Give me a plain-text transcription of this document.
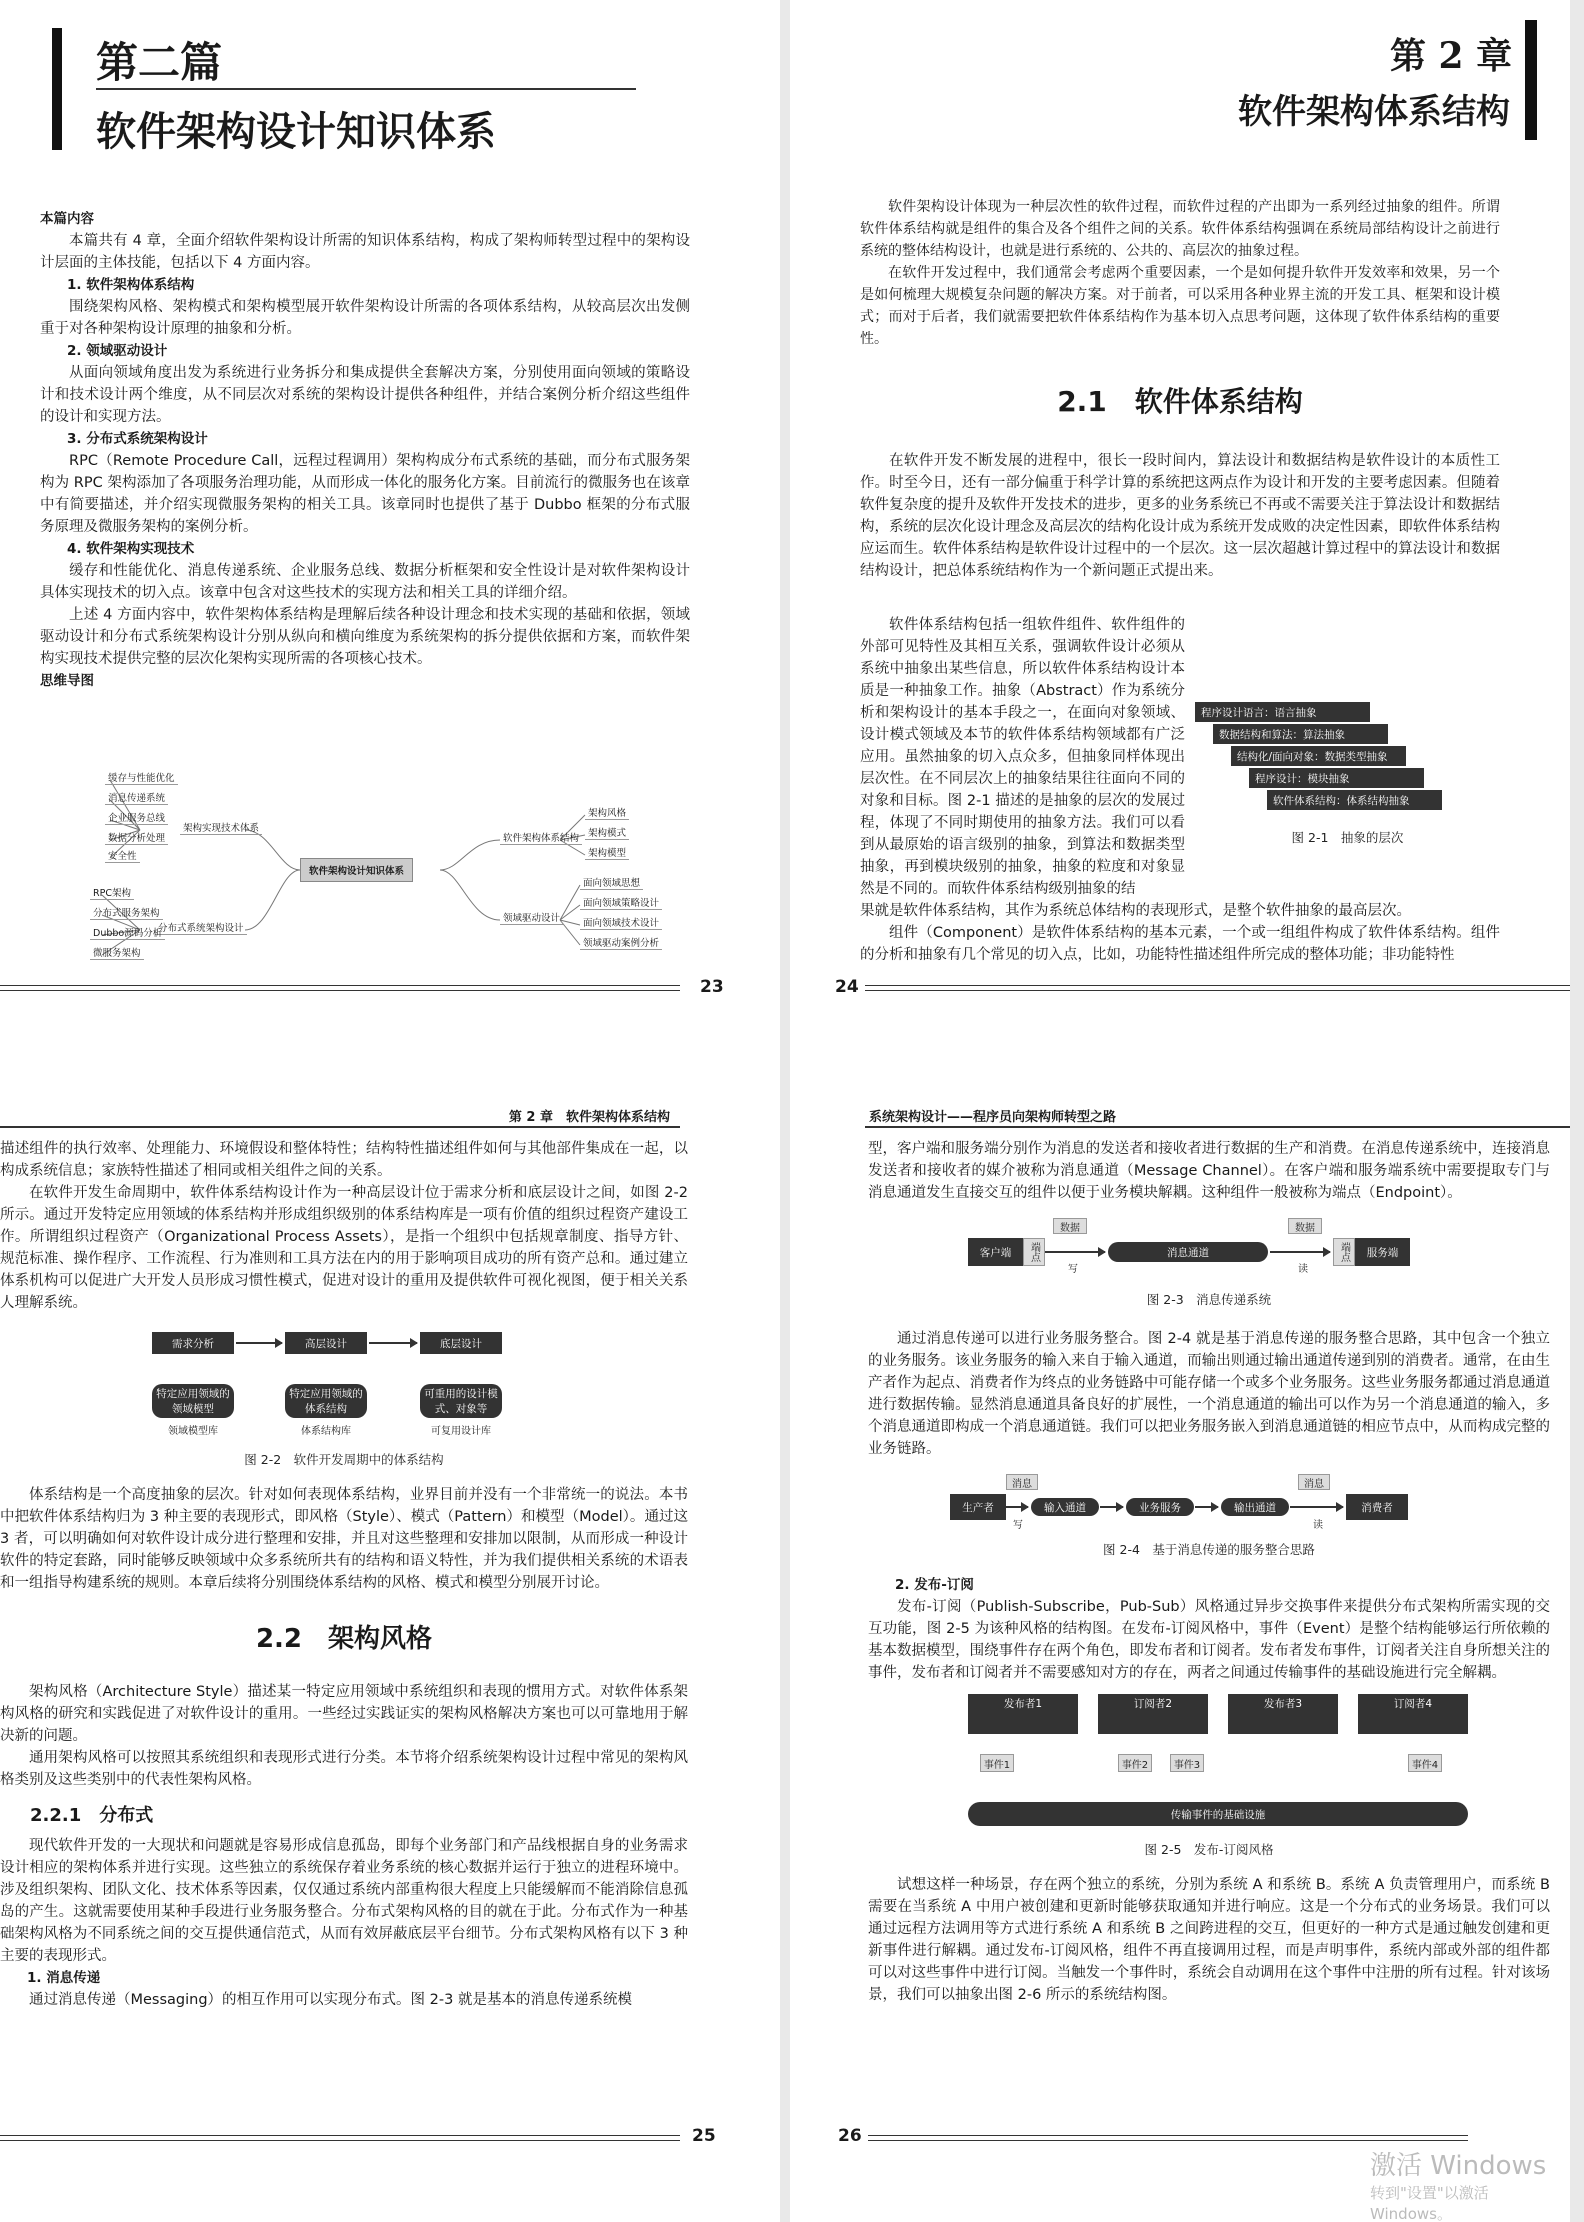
第二篇
软件架构设计知识体系

本篇内容

本篇共有 4 章，全面介绍软件架构设计所需的知识体系结构，构成了架构师转型过程中的架构设计层面的主体技能，包括以下 4 方面内容。

1. 软件架构体系结构

围绕架构风格、架构模式和架构模型展开软件架构设计所需的各项体系结构，从较高层次出发侧重于对各种架构设计原理的抽象和分析。

2. 领域驱动设计

从面向领域角度出发为系统进行业务拆分和集成提供全套解决方案，分别使用面向领域的策略设计和技术设计两个维度，从不同层次对系统的架构设计提供各种组件，并结合案例分析介绍这些组件的设计和实现方法。

3. 分布式系统架构设计

RPC（Remote Procedure Call，远程过程调用）架构构成分布式系统的基础，而分布式服务架构为 RPC 架构添加了各项服务治理功能，从而形成一体化的服务化方案。目前流行的微服务也在该章中有简要描述，并介绍实现微服务架构的相关工具。该章同时也提供了基于 Dubbo 框架的分布式服务原理及微服务架构的案例分析。

4. 软件架构实现技术

缓存和性能优化、消息传递系统、企业服务总线、数据分析框架和安全性设计是对软件架构设计具体实现技术的切入点。该章中包含对这些技术的实现方法和相关工具的详细介绍。

上述 4 方面内容中，软件架构体系结构是理解后续各种设计理念和技术实现的基础和依据，领域驱动设计和分布式系统架构设计分别从纵向和横向维度为系统架构的拆分提供依据和方案，而软件架构实现技术提供完整的层次化架构实现所需的各项核心技术。

思维导图

软件架构设计知识体系
架构实现技术体系
分布式系统架构设计
软件架构体系结构
领域驱动设计
缓存与性能优化
消息传递系统
企业服务总线
数据分析处理
安全性
RPC架构
分布式服务架构
Dubbo源码分析
微服务架构
架构风格
架构模式
架构模型
面向领域思想
面向领域策略设计
面向领域技术设计
领域驱动案例分析
23
第 2 章
软件架构体系结构

软件架构设计体现为一种层次性的软件过程，而软件过程的产出即为一系列经过抽象的组件。所谓软件体系结构就是组件的集合及各个组件之间的关系。软件体系结构强调在系统局部结构设计之前进行系统的整体结构设计，也就是进行系统的、公共的、高层次的抽象过程。

在软件开发过程中，我们通常会考虑两个重要因素，一个是如何提升软件开发效率和效果，另一个是如何梳理大规模复杂问题的解决方案。对于前者，可以采用各种业界主流的开发工具、框架和设计模式；而对于后者，我们就需要把软件体系结构作为基本切入点思考问题，这体现了软件体系结构的重要性。

2.1　软件体系结构

在软件开发不断发展的进程中，很长一段时间内，算法设计和数据结构是软件设计的本质性工作。时至今日，还有一部分偏重于科学计算的系统把这两点作为设计和开发的主要考虑因素。但随着软件复杂度的提升及软件开发技术的进步，更多的业务系统已不再或不需要关注于算法设计和数据结构，系统的层次化设计理念及高层次的结构化设计成为系统开发成败的决定性因素，即软件体系结构应运而生。软件体系结构是软件设计过程中的一个层次。这一层次超越计算过程中的算法设计和数据结构设计，把总体系统结构作为一个新问题正式提出来。

程序设计语言：语言抽象
数据结构和算法：算法抽象
结构化/面向对象：数据类型抽象
程序设计：模块抽象
软件体系结构：体系结构抽象
图 2-1　抽象的层次

软件体系结构包括一组软件组件、软件组件的外部可见特性及其相互关系，强调软件设计必须从系统中抽象出某些信息，所以软件体系结构设计本质是一种抽象工作。抽象（Abstract）作为系统分析和架构设计的基本手段之一，在面向对象领域、设计模式领域及本节的软件体系结构领域都有广泛应用。虽然抽象的切入点众多，但抽象同样体现出层次性。在不同层次上的抽象结果往往面向不同的对象和目标。图 2-1 描述的是抽象的层次的发展过程，体现了不同时期使用的抽象方法。我们可以看到从最原始的语言级别的抽象，到算法和数据类型抽象，再到模块级别的抽象，抽象的粒度和对象显然是不同的。而软件体系结构级别抽象的结

果就是软件体系结构，其作为系统总体结构的表现形式，是整个软件抽象的最高层次。

组件（Component）是软件体系结构的基本元素，一个或一组组件构成了软件体系结构。组件的分析和抽象有几个常见的切入点，比如，功能特性描述组件所完成的整体功能；非功能特性

24
第 2 章　软件架构体系结构

描述组件的执行效率、处理能力、环境假设和整体特性；结构特性描述组件如何与其他部件集成在一起，以构成系统信息；家族特性描述了相同或相关组件之间的关系。

在软件开发生命周期中，软件体系结构设计作为一种高层设计位于需求分析和底层设计之间，如图 2-2 所示。通过开发特定应用领域的体系结构并形成组织级别的体系结构库是一项有价值的组织过程资产建设工作。所谓组织过程资产（Organizational Process Assets），是指一个组织中包括规章制度、指导方针、规范标准、操作程序、工作流程、行为准则和工具方法在内的用于影响项目成功的所有资产总和。通过建立体系机构可以促进广大开发人员形成习惯性模式，促进对设计的重用及提供软件可视化视图，便于相关关系人理解系统。

需求分析	高层设计	底层设计
特定应用领域的领域模型
特定应用领域的体系结构
可重用的设计模式、对象等
领域模型库	体系结构库	可复用设计库
图 2-2　软件开发周期中的体系结构

体系结构是一个高度抽象的层次。针对如何表现体系结构，业界目前并没有一个非常统一的说法。本书中把软件体系结构归为 3 种主要的表现形式，即风格（Style）、模式（Pattern）和模型（Model）。通过这 3 者，可以明确如何对软件设计成分进行整理和安排，并且对这些整理和安排加以限制，从而形成一种设计软件的特定套路，同时能够反映领域中众多系统所共有的结构和语义特性，并为我们提供相关系统的术语表和一组指导构建系统的规则。本章后续将分别围绕体系结构的风格、模式和模型分别展开讨论。

2.2　架构风格

架构风格（Architecture Style）描述某一特定应用领域中系统组织和表现的惯用方式。对软件体系架构风格的研究和实践促进了对软件设计的重用。一些经过实践证实的架构风格解决方案也可以可靠地用于解决新的问题。

通用架构风格可以按照其系统组织和表现形式进行分类。本节将介绍系统架构设计过程中常见的架构风格类别及这些类别中的代表性架构风格。

2.2.1　分布式

现代软件开发的一大现状和问题就是容易形成信息孤岛，即每个业务部门和产品线根据自身的业务需求设计相应的架构体系并进行实现。这些独立的系统保存着业务系统的核心数据并运行于独立的进程环境中。涉及组织架构、团队文化、技术体系等因素，仅仅通过系统内部重构很大程度上只能缓解而不能消除信息孤岛的产生。这就需要使用某种手段进行业务服务整合。分布式架构风格的目的就在于此。分布式作为一种基础架构风格为不同系统之间的交互提供通信范式，从而有效屏蔽底层平台细节。分布式架构风格有以下 3 种主要的表现形式。

1. 消息传递

通过消息传递（Messaging）的相互作用可以实现分布式。图 2-3 就是基本的消息传递系统模

25
系统架构设计——程序员向架构师转型之路

型，客户端和服务端分别作为消息的发送者和接收者进行数据的生产和消费。在消息传递系统中，连接消息发送者和接收者的媒介被称为消息通道（Message Channel）。在客户端和服务端系统中需要提取专门与消息通道发生直接交互的组件以便于业务模块解耦。这种组件一般被称为端点（Endpoint）。

客户端	端点	消息通道	端点	服务端
数据	数据
写	读
图 2-3　消息传递系统

通过消息传递可以进行业务服务整合。图 2-4 就是基于消息传递的服务整合思路，其中包含一个独立的业务服务。该业务服务的输入来自于输入通道，而输出则通过输出通道传递到别的消费者。通常，在由生产者作为起点、消费者作为终点的业务链路中可能存储一个或多个业务服务。这些业务服务都通过消息通道进行数据传输。显然消息通道具备良好的扩展性，一个消息通道的输出可以作为另一个消息通道的输入，多个消息通道即构成一个消息通道链。我们可以把业务服务嵌入到消息通道链的相应节点中，从而构成完整的业务链路。

生产者	输入通道	业务服务	输出通道	消费者
消息	消息
写	读
图 2-4　基于消息传递的服务整合思路

2. 发布-订阅

发布-订阅（Publish-Subscribe，Pub-Sub）风格通过异步交换事件来提供分布式架构所需实现的交互功能，图 2-5 为该种风格的结构图。在发布-订阅风格中，事件（Event）是整个结构能够运行所依赖的基本数据模型，围绕事件存在两个角色，即发布者和订阅者。发布者发布事件，订阅者关注自身所想关注的事件，发布者和订阅者并不需要感知对方的存在，两者之间通过传输事件的基础设施进行完全解耦。

发布者1	订阅者2	发布者3	订阅者4
事件1	事件2	事件3	事件4
传输事件的基础设施
图 2-5　发布-订阅风格

试想这样一种场景，存在两个独立的系统，分别为系统 A 和系统 B。系统 A 负责管理用户，而系统 B 需要在当系统 A 中用户被创建和更新时能够获取通知并进行响应。这是一个分布式的业务场景。我们可以通过远程方法调用等方式进行系统 A 和系统 B 之间跨进程的交互，但更好的一种方式是通过触发创建和更新事件进行解耦。通过发布-订阅风格，组件不再直接调用过程，而是声明事件，系统内部或外部的组件都可以对这些事件中进行订阅。当触发一个事件时，系统会自动调用在这个事件中注册的所有过程。针对该场景，我们可以抽象出图 2-6 所示的系统结构图。

26
激活 Windows
转到"设置"以激活 Windows。
